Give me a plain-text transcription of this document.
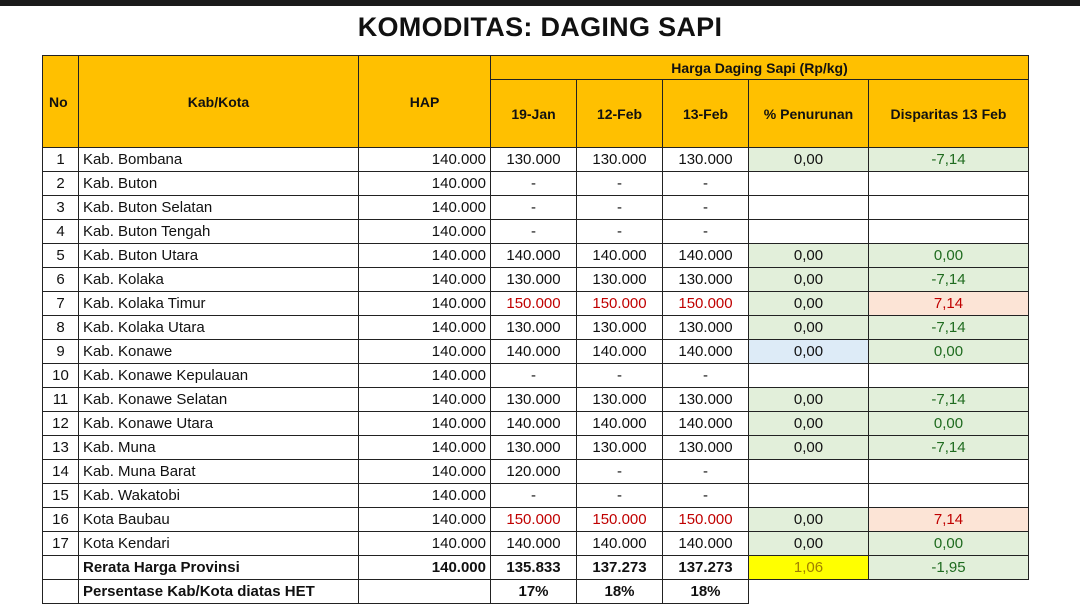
KOMODITAS: DAGING SAPI
No	Kab/Kota	HAP	Harga Daging Sapi (Rp/kg)				
			19-Jan	12-Feb	13-Feb	% Penurunan	Disparitas 13 Feb
1	Kab. Bombana	140.000	130.000	130.000	130.000	0,00	-7,14
2	Kab. Buton	140.000	-	-	-		
3	Kab. Buton Selatan	140.000	-	-	-		
4	Kab. Buton Tengah	140.000	-	-	-		
5	Kab. Buton Utara	140.000	140.000	140.000	140.000	0,00	0,00
6	Kab. Kolaka	140.000	130.000	130.000	130.000	0,00	-7,14
7	Kab. Kolaka Timur	140.000	150.000	150.000	150.000	0,00	7,14
8	Kab. Kolaka Utara	140.000	130.000	130.000	130.000	0,00	-7,14
9	Kab. Konawe	140.000	140.000	140.000	140.000	0,00	0,00
10	Kab. Konawe Kepulauan	140.000	-	-	-		
11	Kab. Konawe Selatan	140.000	130.000	130.000	130.000	0,00	-7,14
12	Kab. Konawe Utara	140.000	140.000	140.000	140.000	0,00	0,00
13	Kab. Muna	140.000	130.000	130.000	130.000	0,00	-7,14
14	Kab. Muna Barat	140.000	120.000	-	-		
15	Kab. Wakatobi	140.000	-	-	-		
16	Kota Baubau	140.000	150.000	150.000	150.000	0,00	7,14
17	Kota Kendari	140.000	140.000	140.000	140.000	0,00	0,00
	Rerata Harga Provinsi	140.000	135.833	137.273	137.273	1,06	-1,95
	Persentase Kab/Kota diatas HET		17%	18%	18%		
